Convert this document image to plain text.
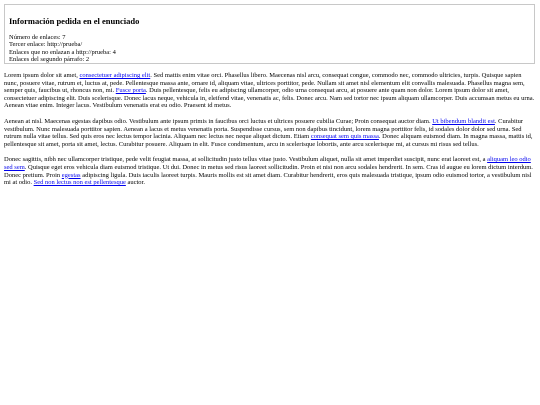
Información pedida en el enunciado
Número de enlaces: 7
Tercer enlace: http://prueba/
Enlaces que no enlazan a http://prueba: 4
Enlaces del segundo párrafo: 2

Lorem ipsum dolor sit amet, consectetuer adipiscing elit. Sed mattis enim vitae orci. Phasellus libero. Maecenas nisl arcu, consequat congue, commodo nec, commodo ultricies, turpis. Quisque sapien nunc, posuere vitae, rutrum et, luctus at, pede. Pellentesque massa ante, ornare id, aliquam vitae, ultrices porttitor, pede. Nullam sit amet nisl elementum elit convallis malesuada. Phasellus magna sem, semper quis, faucibus ut, rhoncus non, mi. Fusce porta. Duis pellentesque, felis eu adipiscing ullamcorper, odio urna consequat arcu, at posuere ante quam non dolor. Lorem ipsum dolor sit amet, consectetuer adipiscing elit. Duis scelerisque. Donec lacus neque, vehicula in, eleifend vitae, venenatis ac, felis. Donec arcu. Nam sed tortor nec ipsum aliquam ullamcorper. Duis accumsan metus eu urna. Aenean vitae enim. Integer lacus. Vestibulum venenatis erat eu odio. Praesent id metus.

Aenean at nisl. Maecenas egestas dapibus odio. Vestibulum ante ipsum primis in faucibus orci luctus et ultrices posuere cubilia Curae; Proin consequat auctor diam. Ut bibendum blandit est. Curabitur vestibulum. Nunc malesuada porttitor sapien. Aenean a lacus et metus venenatis porta. Suspendisse cursus, sem non dapibus tincidunt, lorem magna porttitor felis, id sodales dolor dolor sed urna. Sed rutrum nulla vitae tellus. Sed quis eros nec lectus tempor lacinia. Aliquam nec lectus nec neque aliquet dictum. Etiam consequat sem quis massa. Donec aliquam euismod diam. In magna massa, mattis id, pellentesque sit amet, porta sit amet, lectus. Curabitur posuere. Aliquam in elit. Fusce condimentum, arcu in scelerisque lobortis, ante arcu scelerisque mi, at cursus mi risus sed tellus.

Donec sagittis, nibh nec ullamcorper tristique, pede velit feugiat massa, at sollicitudin justo tellus vitae justo. Vestibulum aliquet, nulla sit amet imperdiet suscipit, nunc erat laoreet est, a aliquam leo odio sed sem. Quisque eget eros vehicula diam euismod tristique. Ut dui. Donec in metus sed risus laoreet sollicitudin. Proin et nisi non arcu sodales hendrerit. In sem. Cras id augue eu lorem dictum interdum. Donec pretium. Proin egestas adipiscing ligula. Duis iaculis laoreet turpis. Mauris mollis est sit amet diam. Curabitur hendrerit, eros quis malesuada tristique, ipsum odio euismod tortor, a vestibulum nisl mi at odio. Sed non lectus non est pellentesque auctor.
